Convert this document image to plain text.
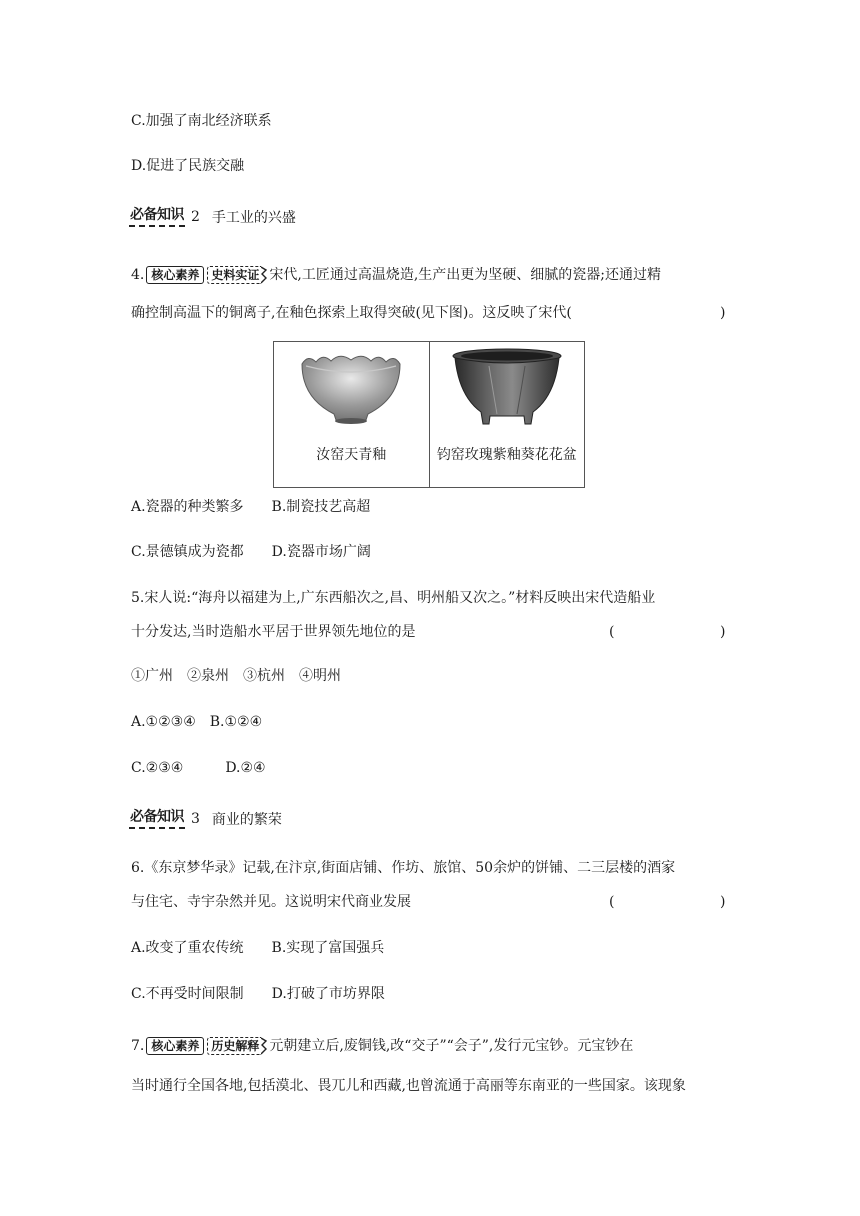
C.加强了南北经济联系
D.促进了民族交融
必备知识 2 手工业的兴盛
4. 核心素养	史料实证 宋代,工匠通过高温烧造,生产出更为坚硬、细腻的瓷器;还通过精
确控制高温下的铜离子,在釉色探索上取得突破(见下图)。这反映了宋代(	)
汝窑天青釉	钧窑玫瑰紫釉葵花花盆
A.瓷器的种类繁多　　B.制瓷技艺高超
C.景德镇成为瓷都　　D.瓷器市场广阔
5.宋人说:“海舟以福建为上,广东西船次之,昌、明州船又次之。”材料反映出宋代造船业
十分发达,当时造船水平居于世界领先地位的是	(	)
①广州　②泉州　③杭州　④明州
A.①②③④　B.①②④
C.②③④　　　D.②④
必备知识 3 商业的繁荣
6.《东京梦华录》记载,在汴京,街面店铺、作坊、旅馆、50余炉的饼铺、二三层楼的酒家
与住宅、寺宇杂然并见。这说明宋代商业发展	(	)
A.改变了重农传统　　B.实现了富国强兵
C.不再受时间限制　　D.打破了市坊界限
7. 核心素养	历史解释 元朝建立后,废铜钱,改“交子”“会子”,发行元宝钞。元宝钞在
当时通行全国各地,包括漠北、畏兀儿和西藏,也曾流通于高丽等东南亚的一些国家。该现象
